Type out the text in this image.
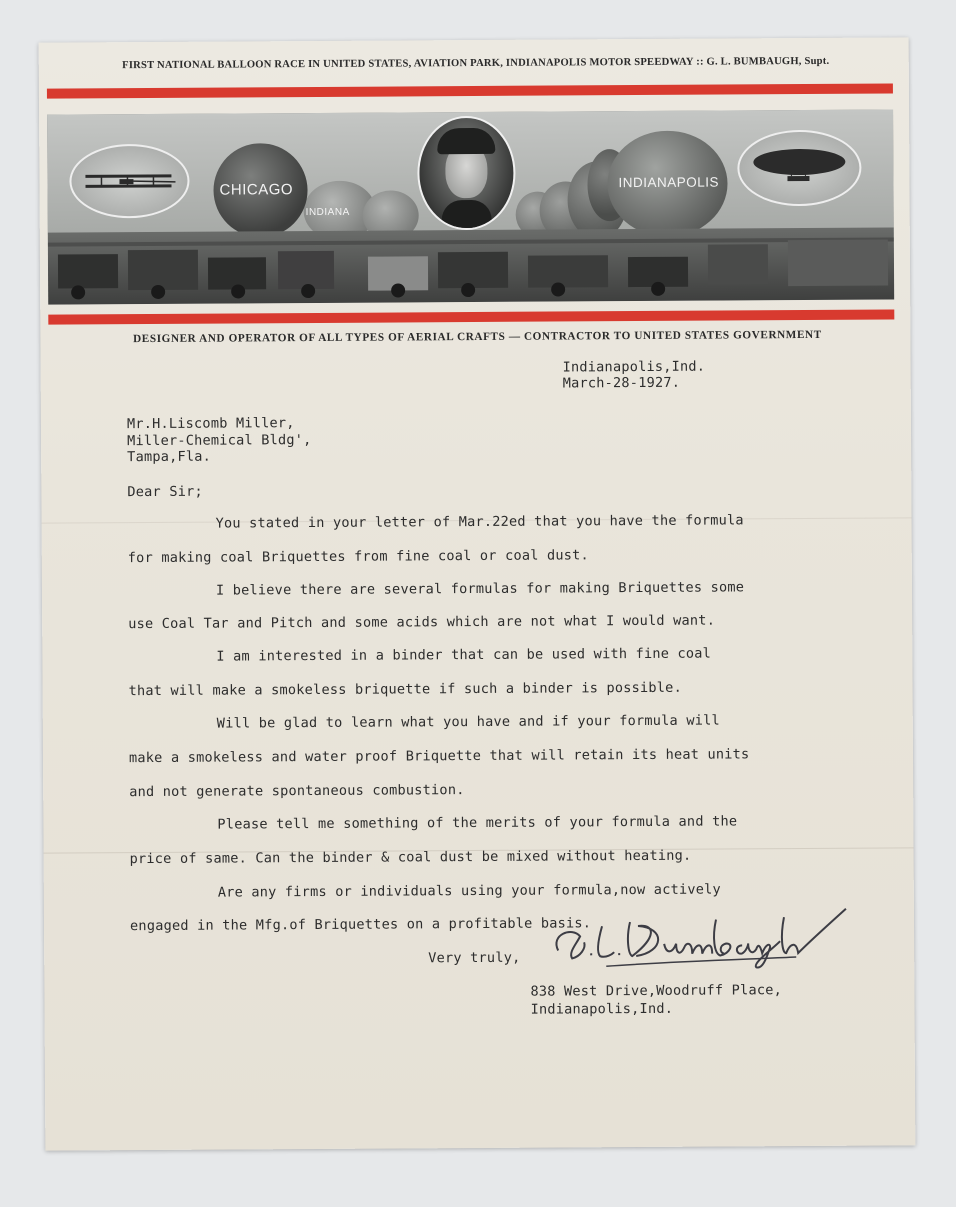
FIRST NATIONAL BALLOON RACE IN UNITED STATES, AVIATION PARK, INDIANAPOLIS MOTOR SPEEDWAY :: G. L. BUMBAUGH, Supt.
CHICAGO
INDIANA
INDIANAPOLIS
DESIGNER AND OPERATOR OF ALL TYPES OF AERIAL CRAFTS — CONTRACTOR TO UNITED STATES GOVERNMENT
Indianapolis,Ind.
March-28-1927.
Mr.H.Liscomb Miller,
Miller-Chemical Bldg',
Tampa,Fla.
Dear Sir;
You stated in your letter of Mar.22ed that you have the formula
for making coal Briquettes from fine coal or coal dust.
I believe there are several formulas for making Briquettes some
use Coal Tar and Pitch and some acids which are not what I would want.
I am interested in a binder that can be used with fine coal
that will make a smokeless briquette if such a binder is possible.
Will be glad to learn what you have and if your formula will
make a smokeless and water proof Briquette that will retain its heat units
and not generate spontaneous combustion.
Please tell me something of the merits of your formula and the
price of same. Can the binder & coal dust be mixed without heating.
Are any firms or individuals using your formula,now actively
engaged in the Mfg.of Briquettes on a profitable basis.
Very truly,
838 West Drive,Woodruff Place,
Indianapolis,Ind.
